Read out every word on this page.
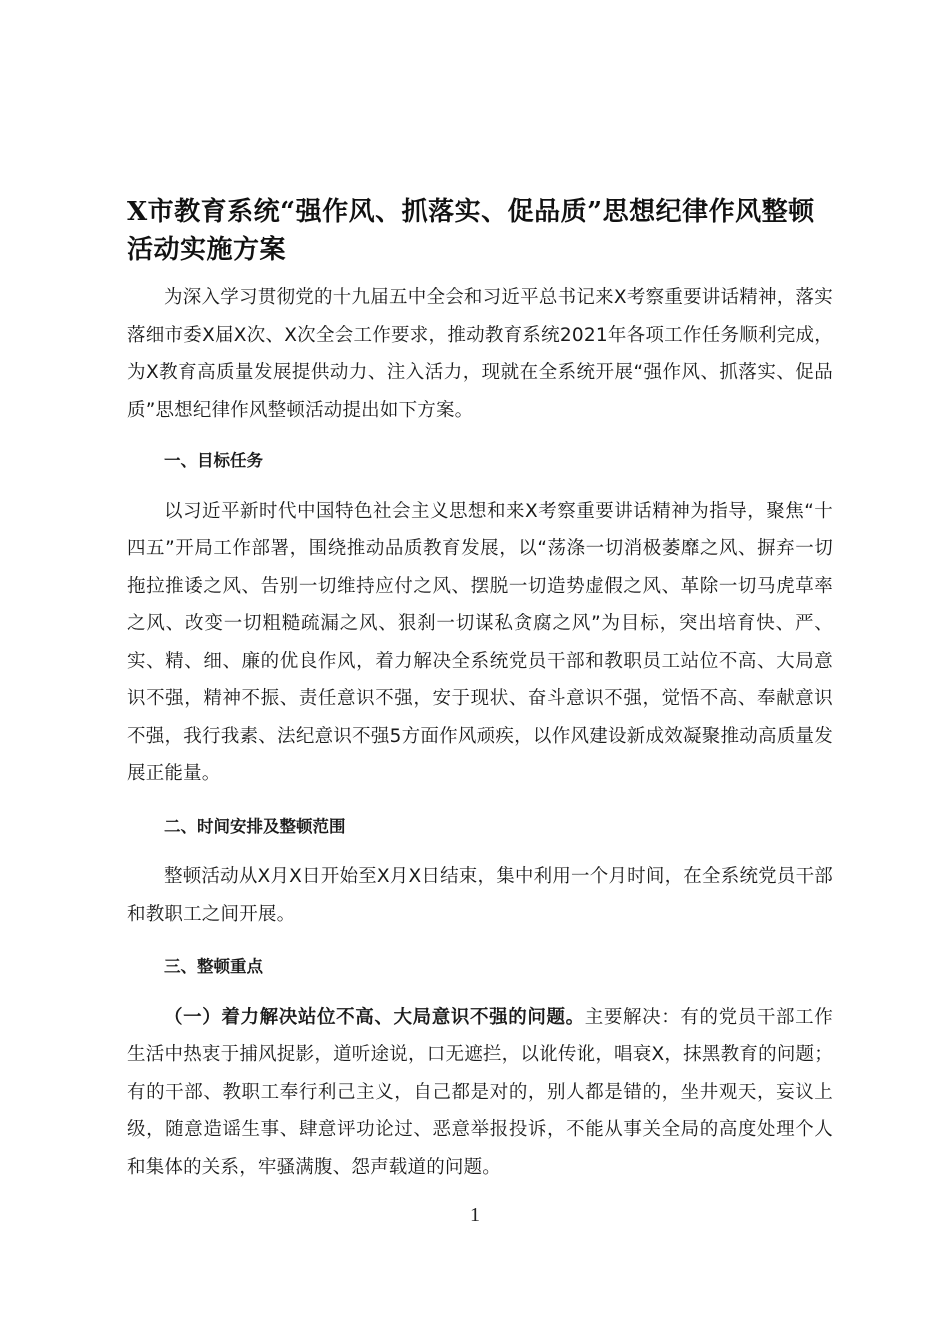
X市教育系统“强作风、抓落实、促品质”思想纪律作风整顿活动实施方案

为深入学习贯彻党的十九届五中全会和习近平总书记来X考察重要讲话精神，落实落细市委X届X次、X次全会工作要求，推动教育系统2021年各项工作任务顺利完成，为X教育高质量发展提供动力、注入活力，现就在全系统开展“强作风、抓落实、促品质”思想纪律作风整顿活动提出如下方案。

一、目标任务

以习近平新时代中国特色社会主义思想和来X考察重要讲话精神为指导，聚焦“十四五”开局工作部署，围绕推动品质教育发展，以“荡涤一切消极萎靡之风、摒弃一切拖拉推诿之风、告别一切维持应付之风、摆脱一切造势虚假之风、革除一切马虎草率之风、改变一切粗糙疏漏之风、狠刹一切谋私贪腐之风”为目标，突出培育快、严、实、精、细、廉的优良作风，着力解决全系统党员干部和教职员工站位不高、大局意识不强，精神不振、责任意识不强，安于现状、奋斗意识不强，觉悟不高、奉献意识不强，我行我素、法纪意识不强5方面作风顽疾，以作风建设新成效凝聚推动高质量发展正能量。

二、时间安排及整顿范围

整顿活动从X月X日开始至X月X日结束，集中利用一个月时间，在全系统党员干部和教职工之间开展。

三、整顿重点

（一）着力解决站位不高、大局意识不强的问题。主要解决：有的党员干部工作生活中热衷于捕风捉影，道听途说，口无遮拦，以讹传讹，唱衰X，抹黑教育的问题；有的干部、教职工奉行利己主义，自己都是对的，别人都是错的，坐井观天，妄议上级，随意造谣生事、肆意评功论过、恶意举报投诉，不能从事关全局的高度处理个人和集体的关系，牢骚满腹、怨声载道的问题。

1
